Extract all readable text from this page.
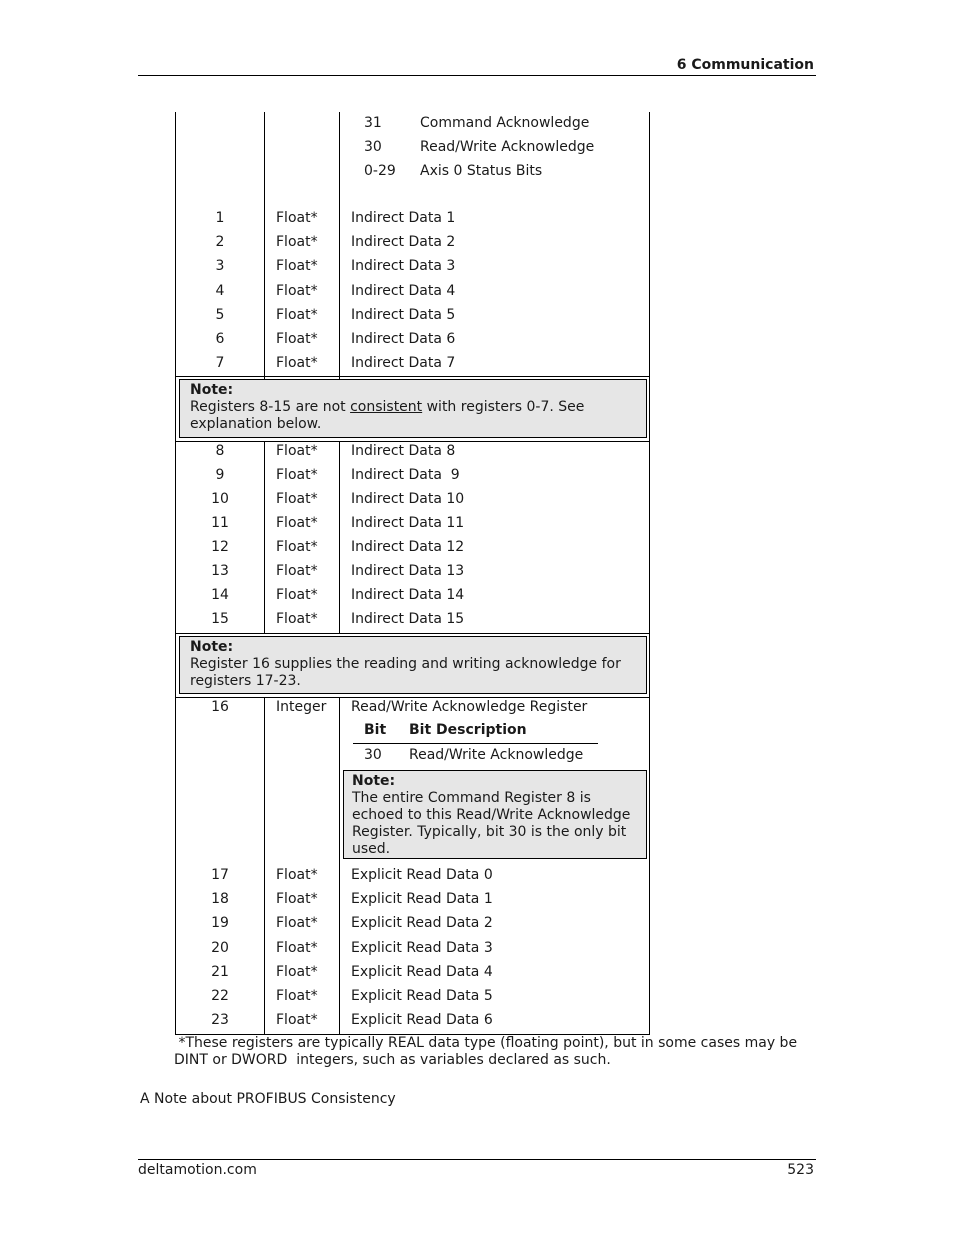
6 Communication
31	Command Acknowledge
30	Read/Write Acknowledge
0-29 Axis 0 Status Bits
1	Float* Indirect Data 1
2	Float* Indirect Data 2
3	Float* Indirect Data 3
4	Float* Indirect Data 4
5	Float* Indirect Data 5
6	Float* Indirect Data 6
7	Float* Indirect Data 7
Note:
Registers 8-15 are not consistent with registers 0-7. See explanation below.
8	Float* Indirect Data 8
9	Float* Indirect Data  9
10	Float* Indirect Data 10
11	Float* Indirect Data 11
12	Float* Indirect Data 12
13	Float* Indirect Data 13
14	Float* Indirect Data 14
15	Float* Indirect Data 15
Note:
Register 16 supplies the reading and writing acknowledge for registers 17-23.
16	Integer Read/Write Acknowledge Register
Bit Bit Description
30 Read/Write Acknowledge
17	Float* Explicit Read Data 0
18	Float* Explicit Read Data 1
19	Float* Explicit Read Data 2
20	Float* Explicit Read Data 3
21	Float* Explicit Read Data 4
22	Float* Explicit Read Data 5
23	Float* Explicit Read Data 6
Note:
The entire Command Register 8 is echoed to this Read/Write Acknowledge Register. Typically, bit 30 is the only bit used.
*These registers are typically REAL data type (floating point), but in some cases may be DINT or DWORD  integers, such as variables declared as such.
A Note about PROFIBUS Consistency
deltamotion.com	523
